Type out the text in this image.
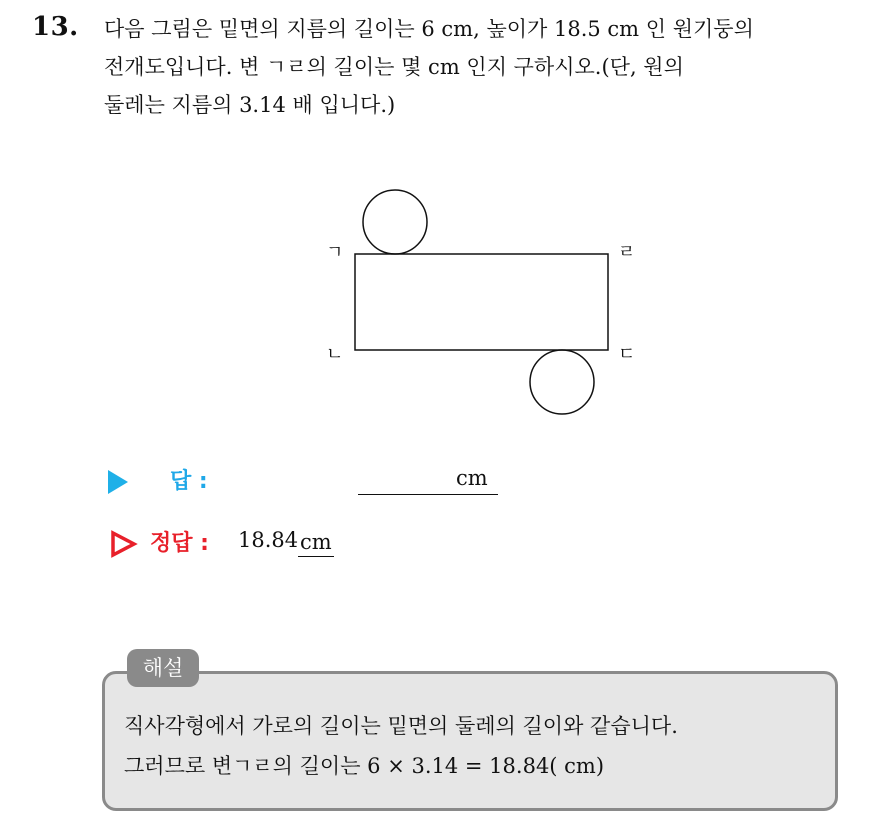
13. 다음 그림은 밑면의 지름의 길이는 6 cm, 높이가 18.5 cm 인 원기둥의
전개도입니다. 변 ㄱㄹ의 길이는 몇 cm 인지 구하시오.(단, 원의
둘레는 지름의 3.14 배 입니다.)
ㄱ
ㄴ	ㄷ
ㄹ
답 :	cm
정답 : 18.84 cm
해설
직사각형에서 가로의 길이는 밑면의 둘레의 길이와 같습니다.
그러므로 변ㄱㄹ의 길이는 6 × 3.14 = 18.84( cm)
